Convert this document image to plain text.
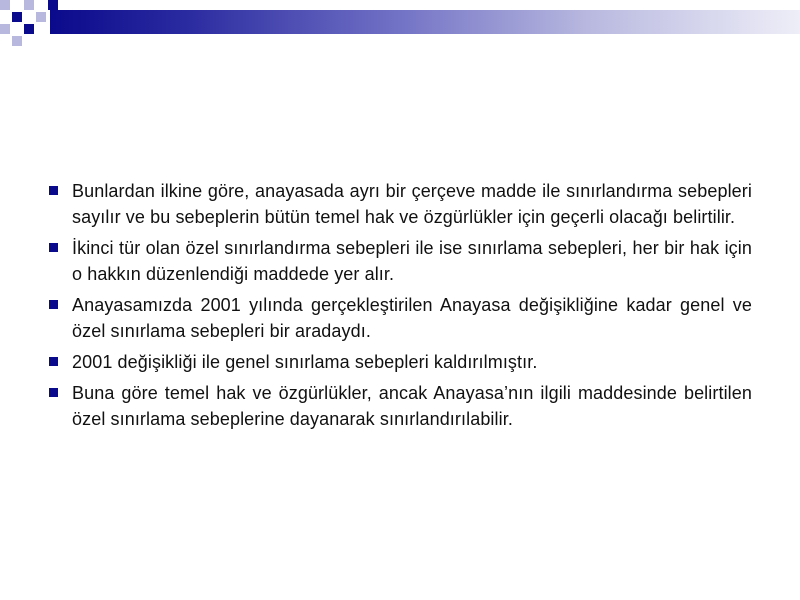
Bunlardan ilkine göre, anayasada ayrı bir çerçeve madde ile sınırlandırma sebepleri sayılır ve bu sebeplerin bütün temel hak ve özgürlükler için geçerli olacağı belirtilir.
İkinci tür olan özel sınırlandırma sebepleri ile ise sınırlama sebepleri, her bir hak için o hakkın düzenlendiği maddede yer alır.
Anayasamızda 2001 yılında gerçekleştirilen Anayasa değişikliğine kadar genel ve özel sınırlama sebepleri bir aradaydı.
2001 değişikliği ile genel sınırlama sebepleri kaldırılmıştır.
Buna göre temel hak ve özgürlükler, ancak Anayasa’nın ilgili maddesinde belirtilen özel sınırlama sebeplerine dayanarak sınırlandırılabilir.
